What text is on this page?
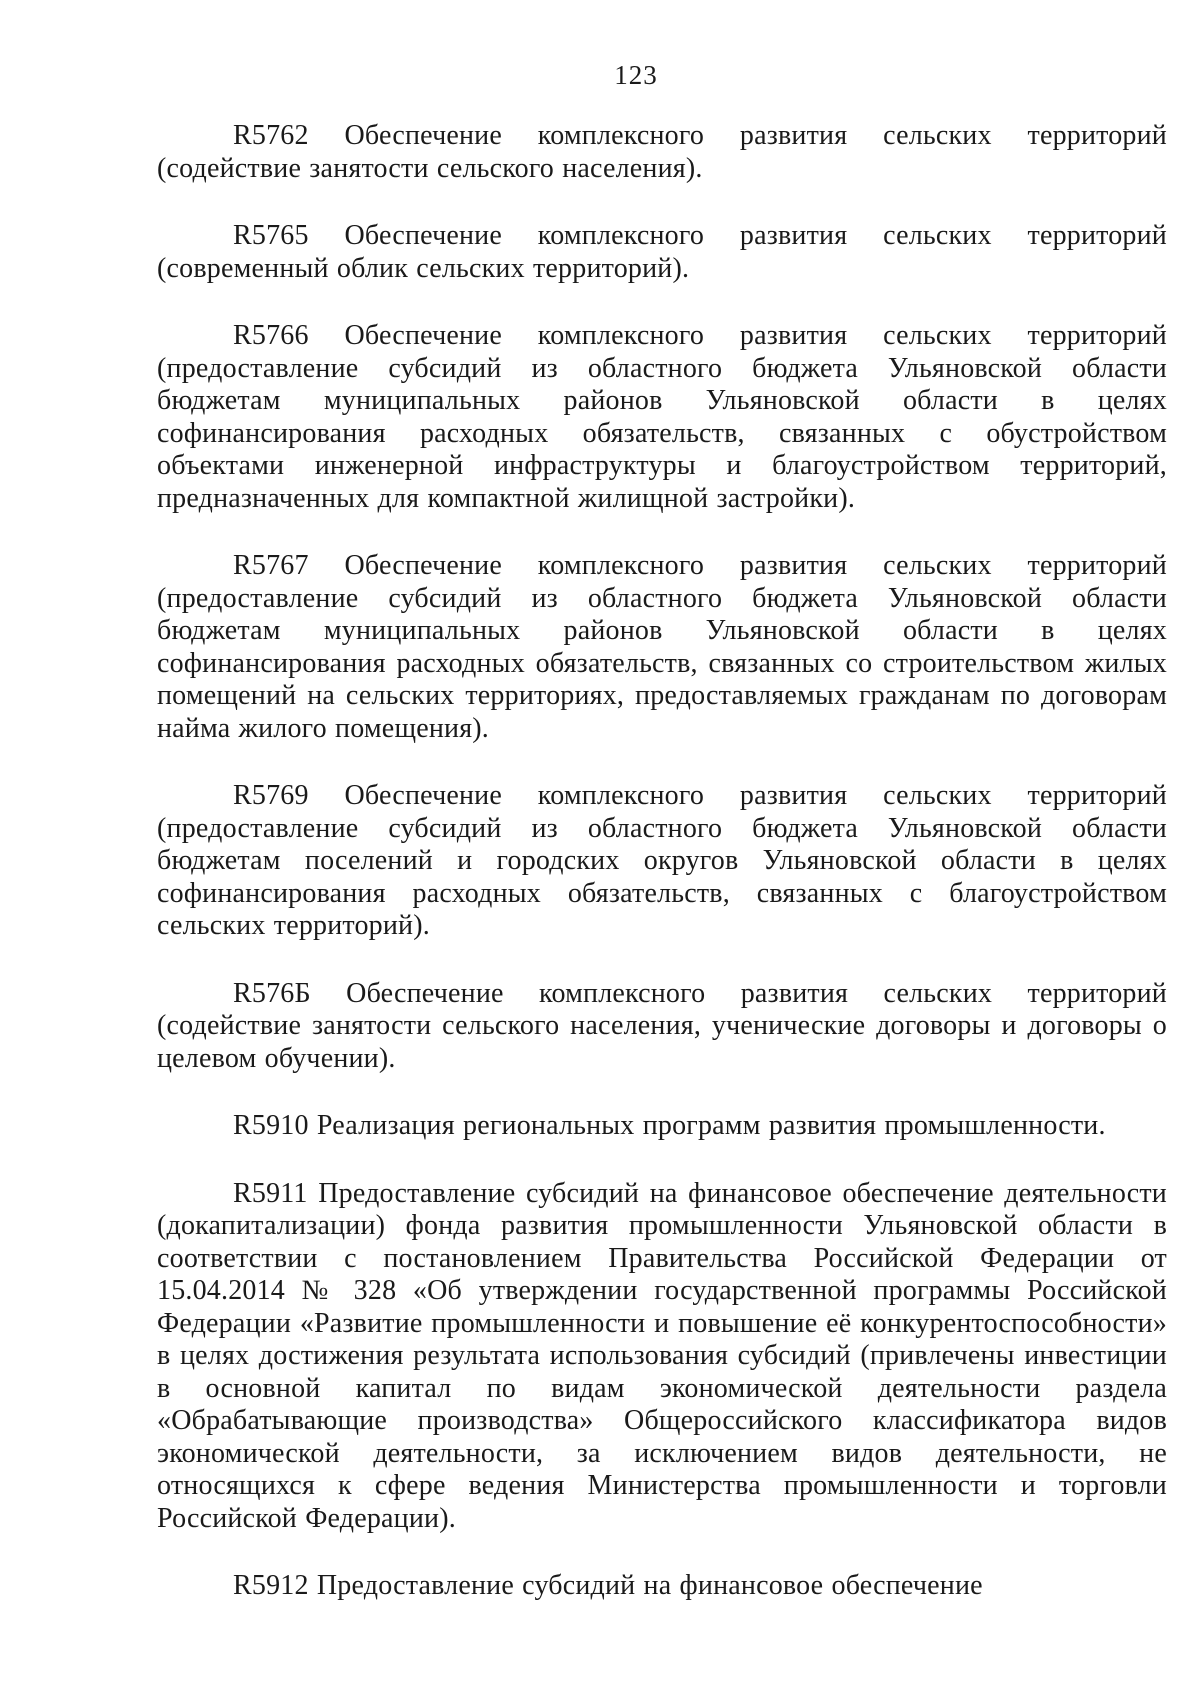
123

R5762 Обеспечение комплексного развития сельских территорий (содействие занятости сельского населения).

R5765 Обеспечение комплексного развития сельских территорий (современный облик сельских территорий).

R5766 Обеспечение комплексного развития сельских территорий (предоставление субсидий из областного бюджета Ульяновской области бюджетам муниципальных районов Ульяновской области в целях софинансирования расходных обязательств, связанных с обустройством объектами инженерной инфраструктуры и благоустройством территорий, предназначенных для компактной жилищной застройки).

R5767 Обеспечение комплексного развития сельских территорий (предоставление субсидий из областного бюджета Ульяновской области бюджетам муниципальных районов Ульяновской области в целях софинансирования расходных обязательств, связанных со строительством жилых помещений на сельских территориях, предоставляемых гражданам по договорам найма жилого помещения).

R5769 Обеспечение комплексного развития сельских территорий (предоставление субсидий из областного бюджета Ульяновской области бюджетам поселений и городских округов Ульяновской области в целях софинансирования расходных обязательств, связанных с благоустройством сельских территорий).

R576Б Обеспечение комплексного развития сельских территорий (содействие занятости сельского населения, ученические договоры и договоры о целевом обучении).

R5910 Реализация региональных программ развития промышленности.

R5911 Предоставление субсидий на финансовое обеспечение деятельности (докапитализации) фонда развития промышленности Ульяновской области в соответствии с постановлением Правительства Российской Федерации от 15.04.2014 № 328 «Об утверждении государственной программы Российской Федерации «Развитие промышленности и повышение её конкурентоспособности» в целях достижения результата использования субсидий (привлечены инвестиции в основной капитал по видам экономической деятельности раздела «Обрабатывающие производства» Общероссийского классификатора видов экономической деятельности, за исключением видов деятельности, не относящихся к сфере ведения Министерства промышленности и торговли Российской Федерации).

R5912 Предоставление субсидий на финансовое обеспечение
